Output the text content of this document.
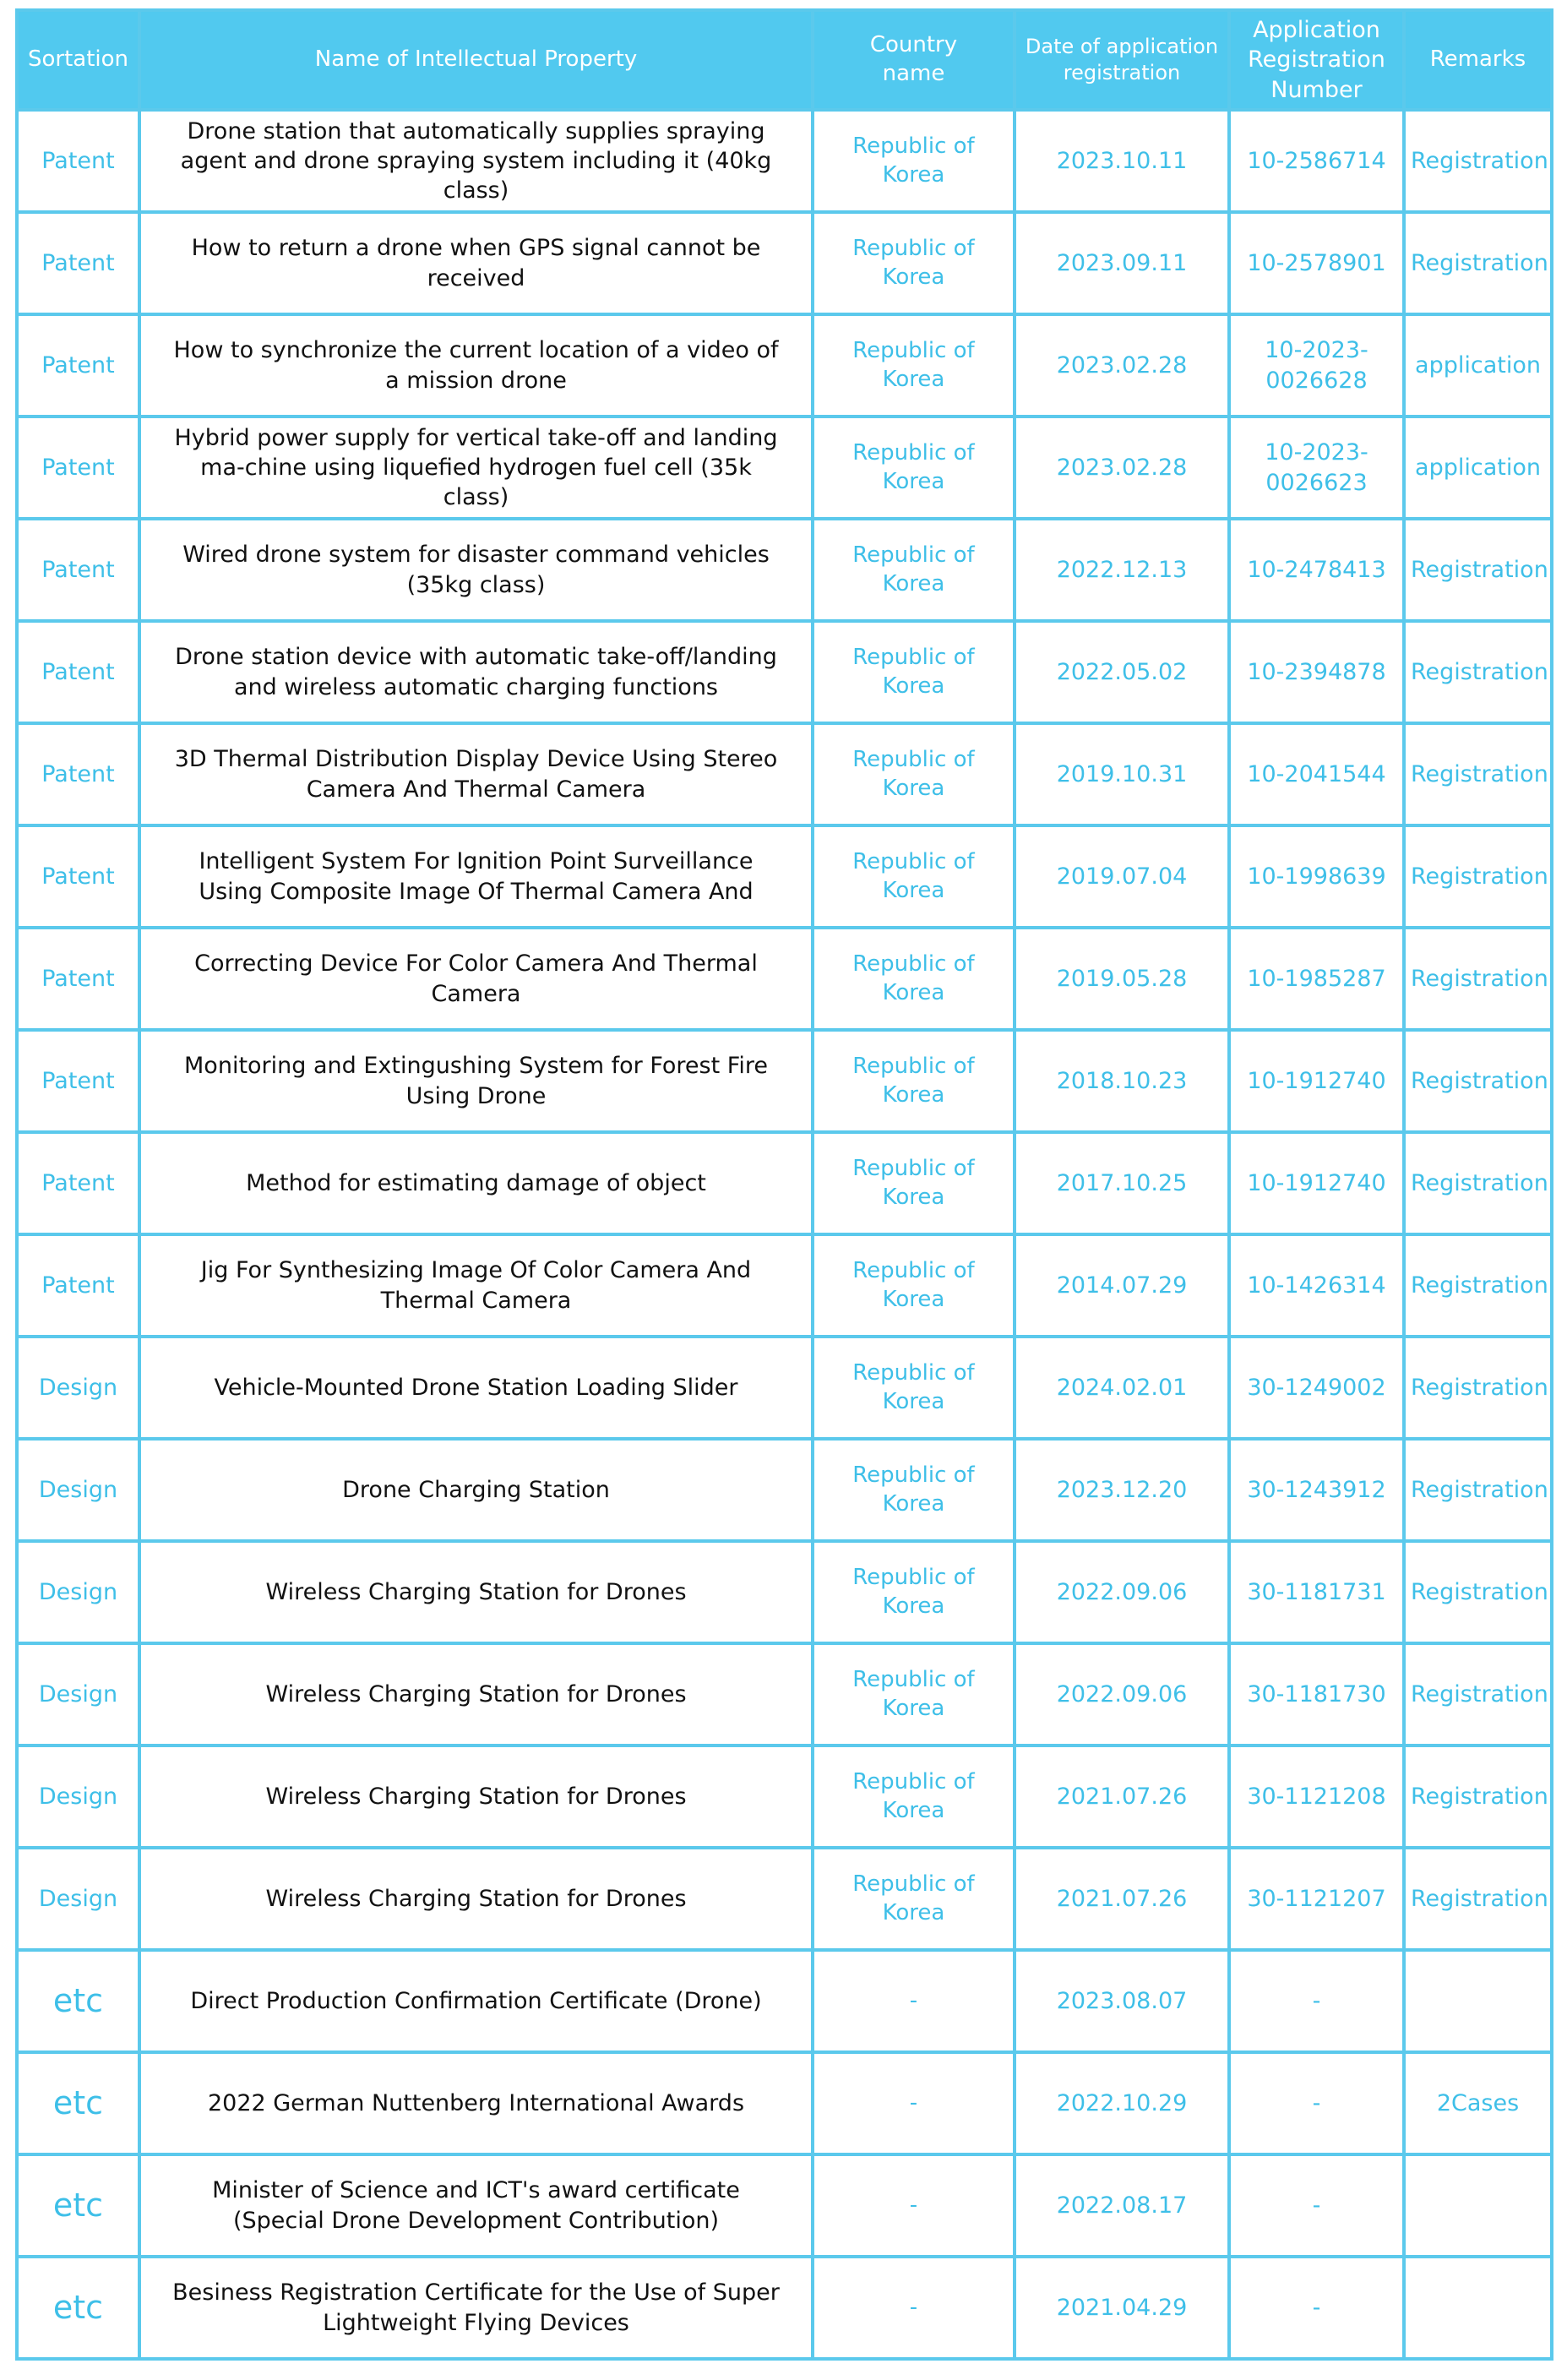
Sortation	Name of Intellectual Property	Country name	Date of application registration	Application Registration Number	Remarks
Patent	Drone station that automatically supplies spraying agent and drone spraying system including it (40kg class)	Republic of Korea	2023.10.11	10-2586714	Registration
Patent	How to return a drone when GPS signal cannot be received	Republic of Korea	2023.09.11	10-2578901	Registration
Patent	How to synchronize the current location of a video of a mission drone	Republic of Korea	2023.02.28	10-2023-0026628	application
Patent	Hybrid power supply for vertical take-off and landing ma-chine using liquefied hydrogen fuel cell (35k class)	Republic of Korea	2023.02.28	10-2023-0026623	application
Patent	Wired drone system for disaster command vehicles (35kg class)	Republic of Korea	2022.12.13	10-2478413	Registration
Patent	Drone station device with automatic take-off/landing and wireless automatic charging functions	Republic of Korea	2022.05.02	10-2394878	Registration
Patent	3D Thermal Distribution Display Device Using Stereo Camera And Thermal Camera	Republic of Korea	2019.10.31	10-2041544	Registration
Patent	Intelligent System For Ignition Point Surveillance Using Composite Image Of Thermal Camera And	Republic of Korea	2019.07.04	10-1998639	Registration
Patent	Correcting Device For Color Camera And Thermal Camera	Republic of Korea	2019.05.28	10-1985287	Registration
Patent	Monitoring and Extingushing System for Forest Fire Using Drone	Republic of Korea	2018.10.23	10-1912740	Registration
Patent	Method for estimating damage of object	Republic of Korea	2017.10.25	10-1912740	Registration
Patent	Jig For Synthesizing Image Of Color Camera And Thermal Camera	Republic of Korea	2014.07.29	10-1426314	Registration
Design	Vehicle-Mounted Drone Station Loading Slider	Republic of Korea	2024.02.01	30-1249002	Registration
Design	Drone Charging Station	Republic of Korea	2023.12.20	30-1243912	Registration
Design	Wireless Charging Station for Drones	Republic of Korea	2022.09.06	30-1181731	Registration
Design	Wireless Charging Station for Drones	Republic of Korea	2022.09.06	30-1181730	Registration
Design	Wireless Charging Station for Drones	Republic of Korea	2021.07.26	30-1121208	Registration
Design	Wireless Charging Station for Drones	Republic of Korea	2021.07.26	30-1121207	Registration
etc	Direct Production Confirmation Certificate (Drone)	-	2023.08.07	-	
etc	2022 German Nuttenberg International Awards	-	2022.10.29	-	2Cases
etc	Minister of Science and ICT's award certificate (Special Drone Development Contribution)	-	2022.08.17	-	
etc	Besiness Registration Certificate for the Use of Super Lightweight Flying Devices	-	2021.04.29	-	
